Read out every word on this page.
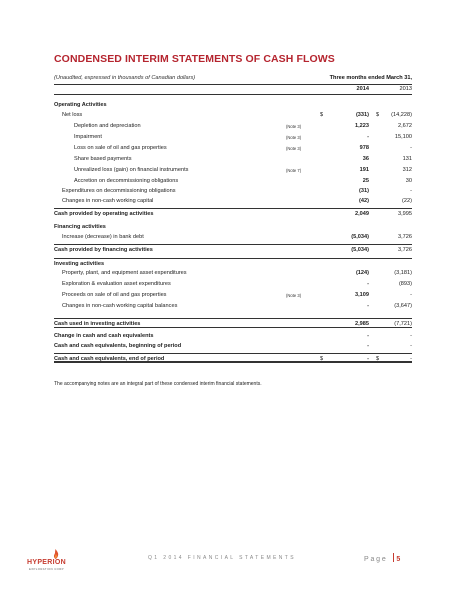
CONDENSED INTERIM STATEMENTS OF CASH FLOWS
(Unaudited, expressed in thousands of Canadian dollars)	Three months ended March 31,
2014	2013
Operating Activities
Net loss	$	(331) $	(14,228)
Depletion and depreciation	(Note 3)	1,223	2,672
Impairment	(Note 3)	-	15,100
Loss on sale of oil and gas properties	(Note 3)	978	-
Share based payments	36	131
Unrealized loss (gain) on financial instruments	(Note 7)	191	312
Accretion on decommissioning obligations	25	30
Expenditures on decommissioning obligations	(31)	-
Changes in non-cash working capital	(42)	(22)
Cash provided by operating activities	2,049	3,995
Financing activities
Increase (decrease) in bank debt	(5,034)	3,726
Cash provided by financing activities	(5,034)	3,726
Investing activities
Property, plant, and equipment asset expenditures	(124)	(3,181)
Exploration & evaluation asset expenditures	-	(893)
Proceeds on sale of oil and gas properties	(Note 3)	3,109	-
Changes in non-cash working capital balances	-	(3,647)
Cash used in investing activities	2,985	(7,721)
Change in cash and cash equivalents	-	-
Cash and cash equivalents, beginning of period	-	-
Cash and cash equivalents, end of period	$	- $	-
The accompanying notes are an integral part of these condensed interim financial statements.
HYPERION
EXPLORATION CORP
Q1 2014 FINANCIAL STATEMENTS	Page 5
